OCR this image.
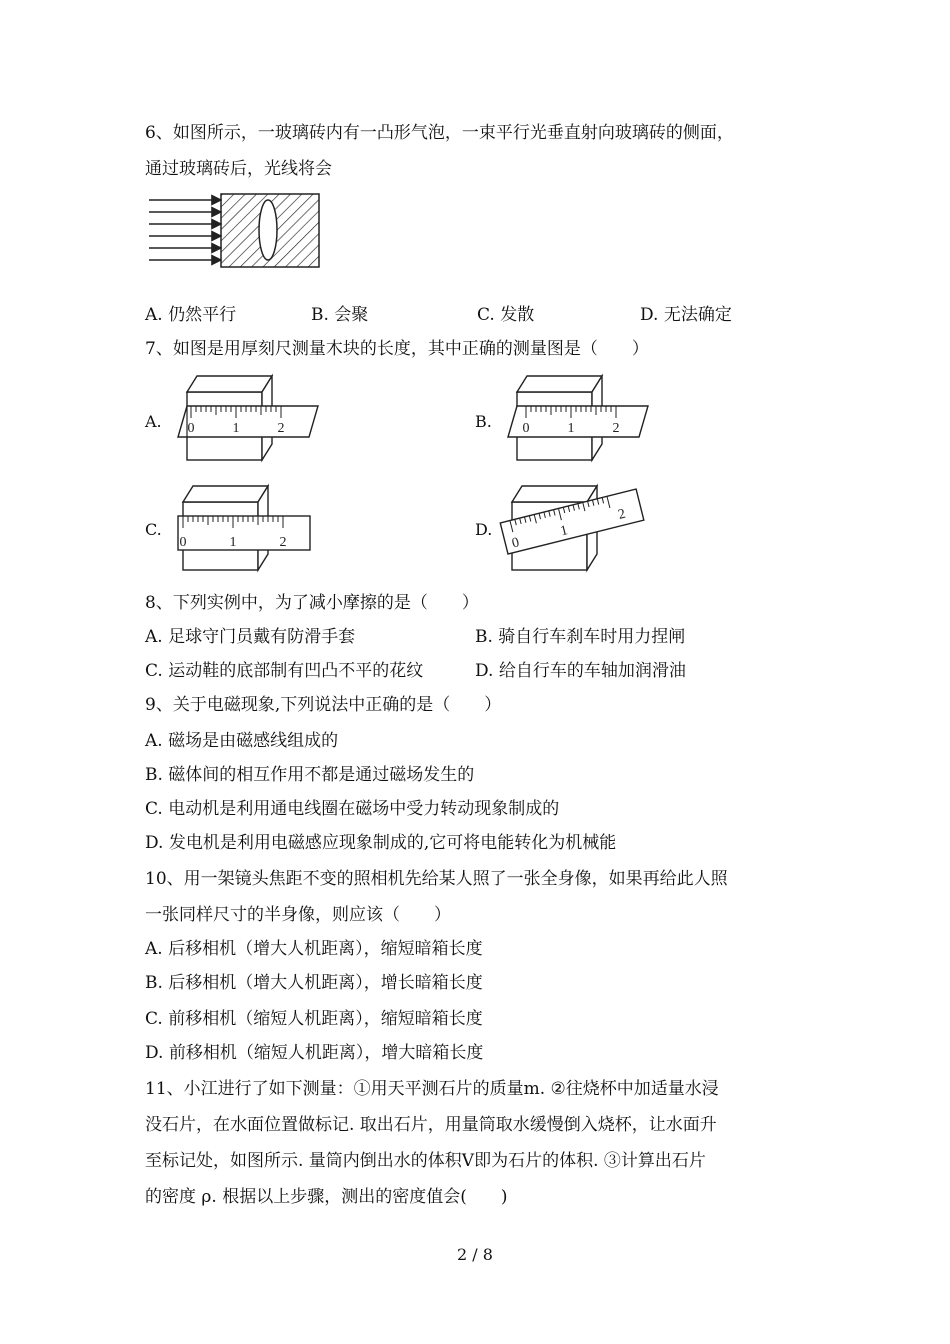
6、如图所示，一玻璃砖内有一凸形气泡，一束平行光垂直射向玻璃砖的侧面，
通过玻璃砖后，光线将会
A. 仍然平行	B. 会聚	C. 发散	D. 无法确定
7、如图是用厚刻尺测量木块的长度，其中正确的测量图是（　　）
A. 0	1	2	B. 0	1	2
C.
0	1	2
D.
0
1
2
8、下列实例中，为了减小摩擦的是（　　）
A. 足球守门员戴有防滑手套	B. 骑自行车刹车时用力捏闸
C. 运动鞋的底部制有凹凸不平的花纹	D. 给自行车的车轴加润滑油
9、关于电磁现象,下列说法中正确的是（　　）
A. 磁场是由磁感线组成的
B. 磁体间的相互作用不都是通过磁场发生的
C. 电动机是利用通电线圈在磁场中受力转动现象制成的
D. 发电机是利用电磁感应现象制成的,它可将电能转化为机械能
10、用一架镜头焦距不变的照相机先给某人照了一张全身像，如果再给此人照
一张同样尺寸的半身像，则应该（　　）
A. 后移相机（增大人机距离），缩短暗箱长度
B. 后移相机（增大人机距离），增长暗箱长度
C. 前移相机（缩短人机距离），缩短暗箱长度
D. 前移相机（缩短人机距离），增大暗箱长度
11、小江进行了如下测量：①用天平测石片的质量m. ②往烧杯中加适量水浸
没石片，在水面位置做标记. 取出石片，用量筒取水缓慢倒入烧杯，让水面升
至标记处，如图所示. 量筒内倒出水的体积V即为石片的体积. ③计算出石片
的密度 ρ. 根据以上步骤，测出的密度值会(　　)
2 / 8
